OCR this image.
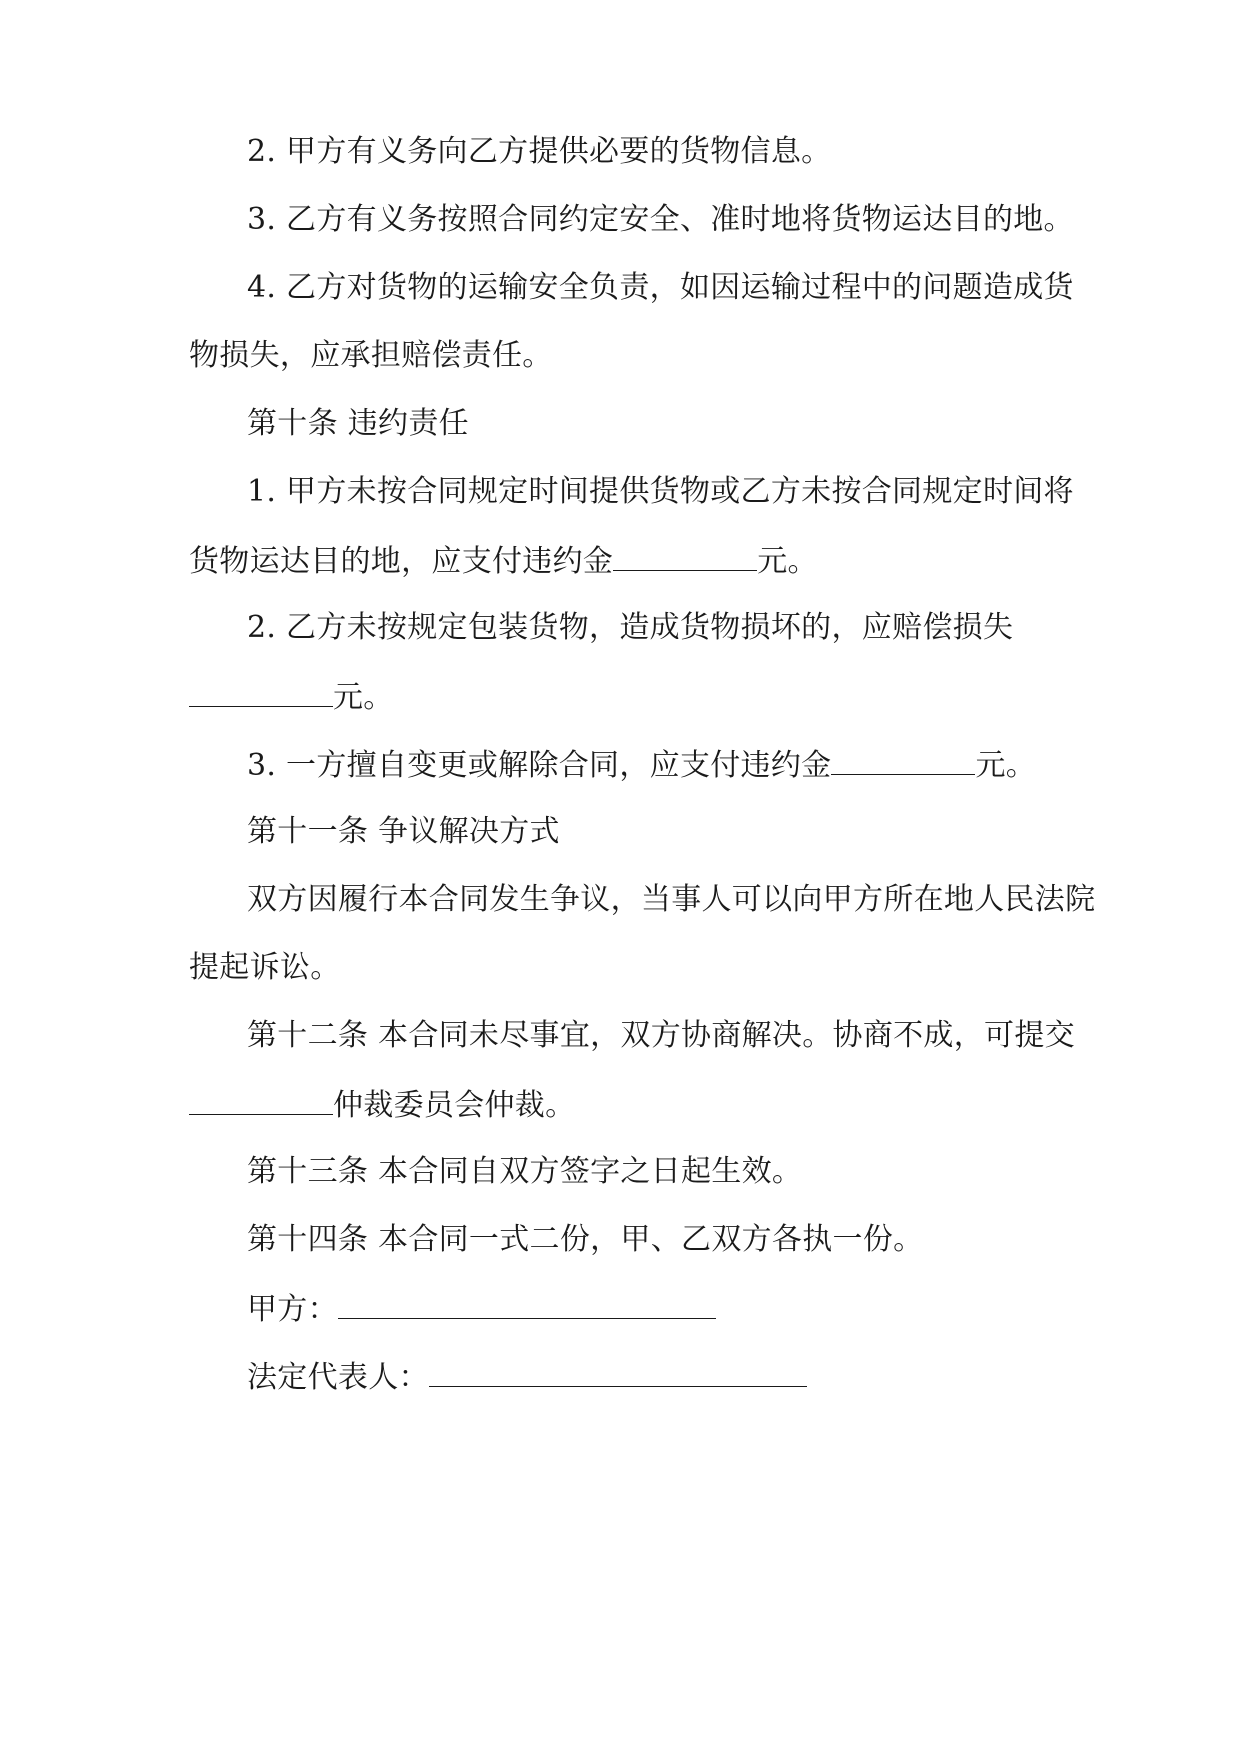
2. 甲方有义务向乙方提供必要的货物信息。
3. 乙方有义务按照合同约定安全、准时地将货物运达目的地。
4. 乙方对货物的运输安全负责，如因运输过程中的问题造成货
物损失，应承担赔偿责任。
第十条 违约责任
1. 甲方未按合同规定时间提供货物或乙方未按合同规定时间将
货物运达目的地，应支付违约金	元。
2. 乙方未按规定包装货物，造成货物损坏的，应赔偿损失
元。
3. 一方擅自变更或解除合同，应支付违约金	元。
第十一条 争议解决方式
双方因履行本合同发生争议，当事人可以向甲方所在地人民法院
提起诉讼。
第十二条 本合同未尽事宜，双方协商解决。协商不成，可提交
仲裁委员会仲裁。
第十三条 本合同自双方签字之日起生效。
第十四条 本合同一式二份，甲、乙双方各执一份。
甲方：
法定代表人：
